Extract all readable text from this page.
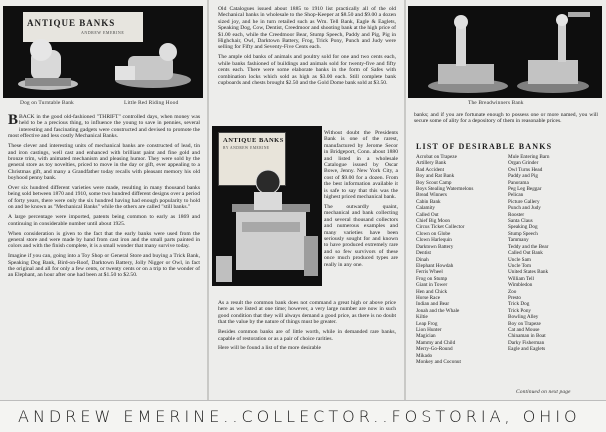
ANTIQUE BANKS
ANDREW EMERINE
Dog on Turntable Bank	Little Red Riding Hood

BBACK in the good old-fashioned "THRIFT" controlled days, when money was held to be a precious thing, to influence the young to save in pennies, several interesting and fascinating gadgets were constructed and devised to promote the most effective and less costly Mechanical Banks.

These clever and interesting units of mechanical banks are constructed of lead, tin and iron castings, well cast and enhanced with brilliant paint and fine gold and bronze trim, with animated mechanism and pleasing humor. They were sold by the general store as toy novelties, priced to move in the day or gift, ever appealing to a Christmas gift, and many a Grandfather today recalls with pleasant memory his old boyhood penny bank.

Over six hundred different varieties were made, resulting in many thousand banks being sold between 1870 and 1910, some two hundred different designs over a period of forty years, there were only the six hundred having had enough popularity to hold on and be known as "Mechanical Banks" while the others are called "still banks."

A large percentage were imported, patents being common to early as 1869 and continuing in considerable number until about 1925.

When consideration is given to the fact that the early banks were used from the general store and were made by hand from cast iron and the small parts painted in colors and with the finish complete, it is a small wonder that many survive today.

Imagine if you can, going into a Toy Shop or General Store and buying a Trick Bank, Speaking Dog Bank, Bird-on-Roof, Darktown Battery, Jolly Nigger or Owl, in fact the original and all for only a few cents, or twenty cents or on a trip to the wonder of an Elephant, an hour after one had been at $1.50 to $2.50.

Old Catalogues issued about 1885 to 1910 list practically all of the old Mechanical banks in wholesale to the Shop-Keeper at $8.50 and $9.00 a dozen sized joy, and he in turn retailed such as Wm. Tell Bank, Eagle & Eaglets, Speaking Dog, Cow, Dentist, Creedmoor and shooting bank at the high price of $1.00 each, while the Creedmoor Bear, Stump Speech, Paddy and Pig, Pig in Highchair, Owl, Darktown Battery, Frog, Trick Pony, Punch and Judy were selling for Fifty and Seventy-Five Cents each.

The ample old banks of animals and poultry sold for one and two cents each, while banks fashioned of buildings and animals sold for twenty-five and fifty cents each. There were some elaborate banks in the form of Safes with combination locks which sold as high as $3.00 each. Still complete bank cupboards and chests brought $2.50 and the Gold Dome bank sold at $3.50.

ANTIQUE BANKS
BY ANDREW EMERINE

Without doubt the Presidents Bank is one of the rarest, manufactured by Jerome Secor in Bridgeport, Conn. about 1880 and listed in a wholesale Catalogue issued by Oscar Bowe, Jenny. New York City, a cost of $9.00 for a dozen. From the best information available it is safe to say that this was the highest priced mechanical bank.

The outwardly quaint, mechanical and bank collecting and several thousand collectors and numerous examples and many varieties have been seriously sought for and known to have produced extremely rare and so few survivors of these once much produced types are really in any one.

As a result the common bank does not command a great high or above price here as we listed at one time; however, a very large number are now in such good condition that they will always demand a good price, as there is no doubt that the value by the nature of things must be greater.

Besides common banks are of little worth, while in demanded rare banks, capable of restoration or as a pair of choice rarities.

Here will be found a list of the more desirable

The Breadwinners Bank
banks; and if you are fortunate enough to possess one or more named, you will secure some of ality for a depository of them in reasonable prices.
LIST OF DESIRABLE BANKS
Acrobat on Trapeze
Artillery Bank
Bad Accident
Boy and Rat Bank
Boy Scout Camp
Boys Stealing Watermelons
Bread Winners
Cabin Bank
Calamity
Called Out
Chief Big Moon
Circus Ticket Collector
Clown on Globe
Clown Harlequin
Darktown Battery
Dentist
Dinah
Elephant Howdah
Ferris Wheel
Frog on Stump
Giant in Tower
Hen and Chick
Horse Race
Indian and Bear
Jonah and the Whale
Kiltie
Leap Frog
Lion Hunter
Magician
Mammy and Child
Merry-Go-Round
Mikado
Monkey and Coconut
Mule Entering Barn
Organ Grinder
Owl Turns Head
Paddy and Pig
Panorama
Peg Leg Beggar
Pelican
Picture Gallery
Punch and Judy
Rooster
Santa Claus
Speaking Dog
Stump Speech
Tammany
Teddy and the Bear
Called Out Bank
Uncle Sam
Uncle Tom
United States Bank
William Tell
Wimbledon
Zoo
Presto
Trick Dog
Trick Pony
Bowling Alley
Boy on Trapeze
Cat and Mouse
Chinaman in Boat
Darky Fisherman
Eagle and Eaglets
Continued on next page
ANDREW EMERINE..COLLECTOR..FOSTORIA, OHIO
